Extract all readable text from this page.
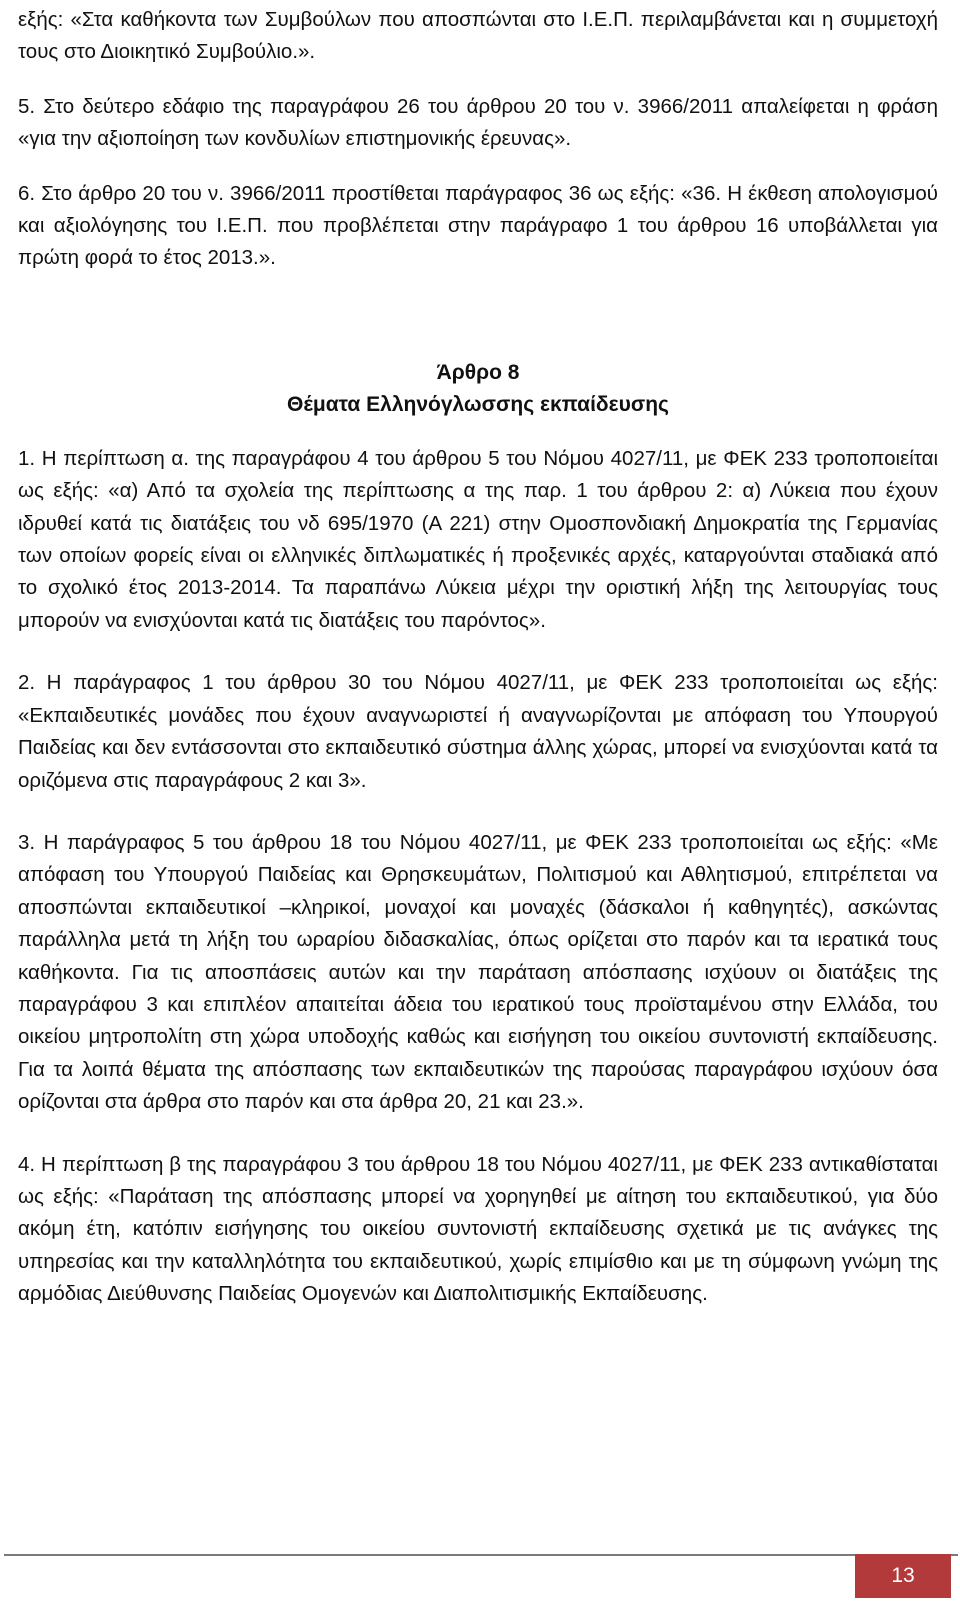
εξής: «Στα καθήκοντα των Συμβούλων που αποσπώνται στο Ι.Ε.Π. περιλαμβάνεται και η συμμετοχή τους στο Διοικητικό Συμβούλιο.».

5. Στο δεύτερο εδάφιο της παραγράφου 26 του άρθρου 20 του ν. 3966/2011 απαλείφεται η φράση «για την αξιοποίηση των κονδυλίων επιστημονικής έρευνας».

6. Στο άρθρο 20 του ν. 3966/2011 προστίθεται παράγραφος 36 ως εξής: «36. Η έκθεση απολογισμού και αξιολόγησης του Ι.Ε.Π. που προβλέπεται στην παράγραφο 1 του άρθρου 16 υποβάλλεται για πρώτη φορά το έτος 2013.».

Άρθρο 8

Θέματα Ελληνόγλωσσης εκπαίδευσης

1. Η περίπτωση α. της παραγράφου 4 του άρθρου 5 του Νόμου 4027/11, με ΦΕΚ 233 τροποποιείται ως εξής: «α) Από τα σχολεία της περίπτωσης α της παρ. 1 του άρθρου 2: α) Λύκεια που έχουν ιδρυθεί κατά τις διατάξεις του νδ 695/1970 (Α 221) στην Ομοσπονδιακή Δημοκρατία της Γερμανίας των οποίων φορείς είναι οι ελληνικές διπλωματικές ή προξενικές αρχές, καταργούνται σταδιακά από το σχολικό έτος 2013-2014. Τα παραπάνω Λύκεια μέχρι την οριστική λήξη της λειτουργίας τους μπορούν να ενισχύονται κατά τις διατάξεις του παρόντος».

2. Η παράγραφος 1 του άρθρου 30 του Νόμου 4027/11, με ΦΕΚ 233 τροποποιείται ως εξής: «Εκπαιδευτικές μονάδες που έχουν αναγνωριστεί ή αναγνωρίζονται με απόφαση του Υπουργού Παιδείας και δεν εντάσσονται στο εκπαιδευτικό σύστημα άλλης χώρας, μπορεί να ενισχύονται κατά τα οριζόμενα στις παραγράφους 2 και 3».

3. Η παράγραφος 5 του άρθρου 18 του Νόμου 4027/11, με ΦΕΚ 233 τροποποιείται ως εξής: «Με απόφαση του Υπουργού Παιδείας και Θρησκευμάτων, Πολιτισμού και Αθλητισμού, επιτρέπεται να αποσπώνται εκπαιδευτικοί –κληρικοί, μοναχοί και μοναχές (δάσκαλοι ή καθηγητές), ασκώντας παράλληλα μετά τη λήξη του ωραρίου διδασκαλίας, όπως ορίζεται στο παρόν και τα ιερατικά τους καθήκοντα. Για τις αποσπάσεις αυτών και την παράταση απόσπασης ισχύουν οι διατάξεις της παραγράφου 3 και επιπλέον απαιτείται άδεια του ιερατικού τους προϊσταμένου στην Ελλάδα, του οικείου μητροπολίτη στη χώρα υποδοχής καθώς και εισήγηση του οικείου συντονιστή εκπαίδευσης. Για τα λοιπά θέματα της απόσπασης των εκπαιδευτικών της παρούσας παραγράφου ισχύουν όσα ορίζονται στα άρθρα στο παρόν και στα άρθρα 20, 21 και 23.».

4. Η περίπτωση β της παραγράφου 3 του άρθρου 18 του Νόμου 4027/11, με ΦΕΚ 233 αντικαθίσταται ως εξής: «Παράταση της απόσπασης μπορεί να χορηγηθεί με αίτηση του εκπαιδευτικού, για δύο ακόμη έτη, κατόπιν εισήγησης του οικείου συντονιστή εκπαίδευσης σχετικά με τις ανάγκες της υπηρεσίας και την καταλληλότητα του εκπαιδευτικού, χωρίς επιμίσθιο και με τη σύμφωνη γνώμη της αρμόδιας Διεύθυνσης Παιδείας Ομογενών και Διαπολιτισμικής Εκπαίδευσης.

13
